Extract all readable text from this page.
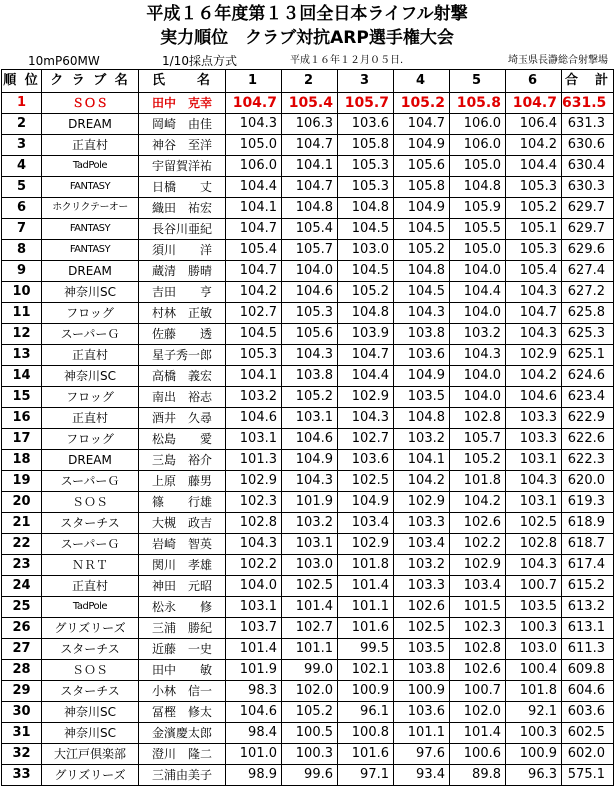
平成１６年度第１３回全日本ライフル射撃
実力順位　クラブ対抗ARP選手権大会
10mP60MW	1/10採点方式	平成１６年１２月０５日.	埼玉県長瀞総合射撃場
順 位	ク ラ ブ 名	氏　　名	1	2	3	4	5	6	合　計
1	ＳＯＳ	田中　克幸	104.7	105.4	105.7	105.2	105.8	104.7	631.5
2	DREAM	岡崎　由佳	104.3	106.3	103.6	104.7	106.0	106.4	631.3
3	正直村	神谷　至洋	105.0	104.7	105.8	104.9	106.0	104.2	630.6
4	TadPole	宇留賀洋祐	106.0	104.1	105.3	105.6	105.0	104.4	630.4
5	FANTASY	日橋　　丈	104.4	104.7	105.3	105.8	104.8	105.3	630.3
6	ホクリクテーオー	織田　祐宏	104.1	104.8	104.8	104.9	105.9	105.2	629.7
7	FANTASY	長谷川亜紀	104.7	105.4	104.5	104.5	105.5	105.1	629.7
8	FANTASY	須川　　洋	105.4	105.7	103.0	105.2	105.0	105.3	629.6
9	DREAM	蔵清　勝晴	104.7	104.0	104.5	104.8	104.0	105.4	627.4
10	神奈川SC	吉田　　亨	104.2	104.6	105.2	104.5	104.4	104.3	627.2
11	フロッグ	村林　正敏	102.7	105.3	104.8	104.3	104.0	104.7	625.8
12	スーパーＧ	佐藤　　透	104.5	105.6	103.9	103.8	103.2	104.3	625.3
13	正直村	星子秀一郎	105.3	104.3	104.7	103.6	104.3	102.9	625.1
14	神奈川SC	高橋　義宏	104.1	103.8	104.4	104.9	104.0	104.2	624.6
15	フロッグ	南出　裕志	103.2	105.2	102.9	103.5	104.0	104.6	623.4
16	正直村	酒井　久尋	104.6	103.1	104.3	104.8	102.8	103.3	622.9
17	フロッグ	松島　　愛	103.1	104.6	102.7	103.2	105.7	103.3	622.6
18	DREAM	三島　裕介	101.3	104.9	103.6	104.1	105.2	103.1	622.3
19	スーパーＧ	上原　藤男	102.9	104.3	102.5	104.2	101.8	104.3	620.0
20	ＳＯＳ	篠　　行雄	102.3	101.9	104.9	102.9	104.2	103.1	619.3
21	スターチス	大槻　政吉	102.8	103.2	103.4	103.3	102.6	102.5	618.9
22	スーパーＧ	岩崎　智英	104.3	103.1	102.9	103.4	102.2	102.8	618.7
23	ＮＲＴ	関川　孝雄	102.2	103.0	101.8	103.2	102.9	104.3	617.4
24	正直村	神田　元昭	104.0	102.5	101.4	103.3	103.4	100.7	615.2
25	TadPole	松永　　修	103.1	101.4	101.1	102.6	101.5	103.5	613.2
26	グリズリーズ	三浦　勝紀	103.7	102.7	101.6	102.5	102.3	100.3	613.1
27	スターチス	近藤　一史	101.4	101.1	99.5	103.5	102.8	103.0	611.3
28	ＳＯＳ	田中　　敏	101.9	99.0	102.1	103.8	102.6	100.4	609.8
29	スターチス	小林　信一	98.3	102.0	100.9	100.9	100.7	101.8	604.6
30	神奈川SC	冨樫　修太	104.6	105.2	96.1	103.6	102.0	92.1	603.6
31	神奈川SC	金濱慶太郎	98.4	100.5	100.8	101.1	101.4	100.3	602.5
32	大江戸倶楽部	澄川　隆二	101.0	100.3	101.6	97.6	100.6	100.9	602.0
33	グリズリーズ	三浦由美子	98.9	99.6	97.1	93.4	89.8	96.3	575.1
